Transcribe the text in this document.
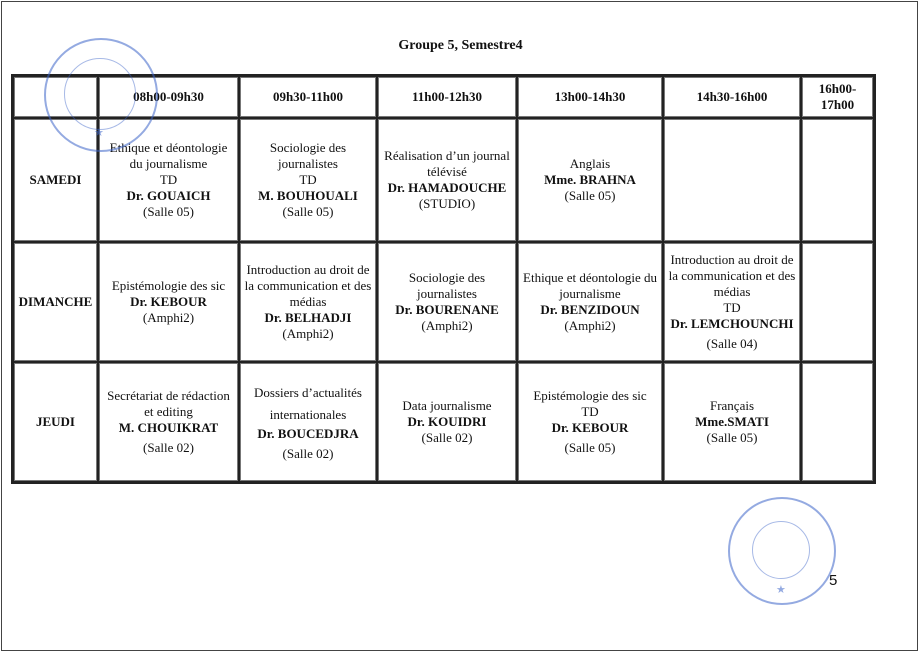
Groupe 5, Semestre4
	08h00-09h30	09h30-11h00	11h00-12h30	13h00-14h30	14h30-16h00	16h00-17h00
SAMEDI	Ethique et déontologie du journalisme
TD
Dr. GOUAICH
(Salle 05)	Sociologie des journalistes
TD
M. BOUHOUALI
(Salle 05)	Réalisation d’un journal télévisé
Dr. HAMADOUCHE
(STUDIO)	Anglais
Mme. BRAHNA
(Salle 05)		

DIMANCHE	Epistémologie des sic
Dr. KEBOUR
(Amphi2)	Introduction au droit de la communication et des médias
Dr. BELHADJI
(Amphi2)	Sociologie des journalistes
Dr. BOURENANE
(Amphi2)	Ethique et déontologie du journalisme
Dr. BENZIDOUN
(Amphi2)	Introduction au droit de la communication et des médias
TD
Dr. LEMCHOUNCHI
(Salle 04)	

JEUDI	Secrétariat de rédaction et editing
M. CHOUIKRAT
(Salle 02)	Dossiers d’actualités internationales
Dr. BOUCEDJRA
(Salle 02)	Data journalisme
Dr. KOUIDRI
(Salle 02)	Epistémologie des sic
TD
Dr. KEBOUR
(Salle 05)	Français
Mme.SMATI
(Salle 05)	

★
★
5
